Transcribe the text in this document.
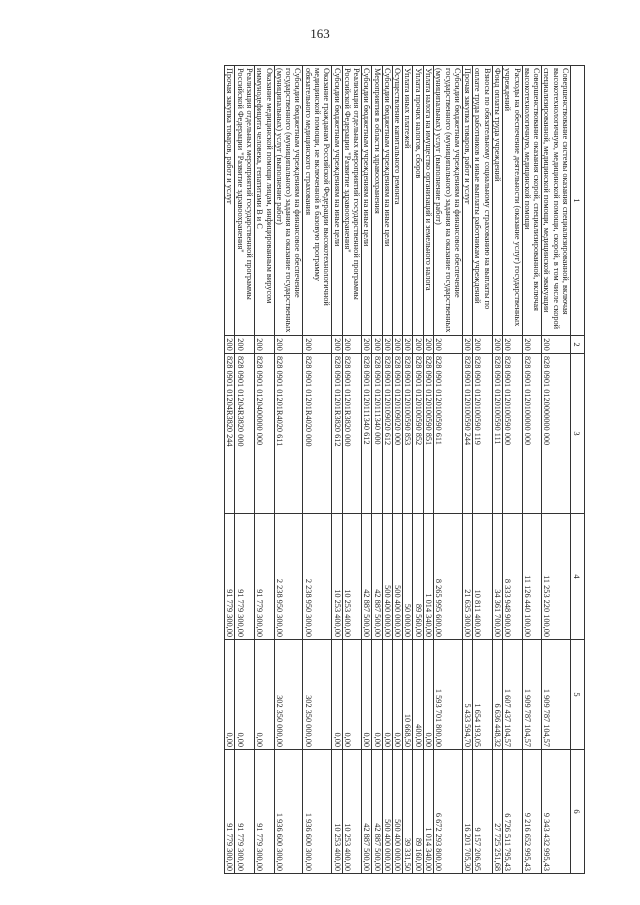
163
1	2	3	4	5	6
Совершенствование системы оказания специализированной, включая высокотехнологичную, медицинской помощи, скорой, в том числе скорой специализированной, медицинской помощи, медицинской эвакуации	200	828 0901 0120000000 000	11 253 220 100,00	1 909 787 104,57	9 343 432 995,43
Совершенствование оказания скорой, специализированной, включая высокотехнологичную, медицинской помощи	200	828 0901 0120100000 000	11 126 440 100,00	1 909 787 104,57	9 216 652 995,43
Расходы на обеспечение деятельности (оказание услуг) государственных учреждений	200	828 0901 0120100590 000	8 333 948 900,00	1 607 437 104,57	6 726 511 795,43
Фонд оплаты труда учреждений	200	828 0901 0120100590 111	34 361 700,00	6 636 448,32	27 725 251,68
Взносы по обязательному социальному страхованию на выплаты по оплате труда работников и иные выплаты работникам учреждений	200	828 0901 0120100590 119	10 811 400,00	1 654 193,05	9 157 206,95
Прочая закупка товаров, работ и услуг	200	828 0901 0120100590 244	21 635 300,00	5 433 594,70	16 201 705,30
Субсидии бюджетным учреждениям на финансовое обеспечение государственного (муниципального) задания на оказание государственных (муниципальных) услуг (выполнение работ)	200	828 0901 0120100590 611	8 265 995 600,00	1 593 701 800,00	6 672 293 800,00
Уплата налога на имущество организаций и земельного налога	200	828 0901 0120100590 851	1 014 340,00	0,00	1 014 340,00
Уплата прочих налогов, сборов	200	828 0901 0120100590 852	89 560,00	400,00	89 160,00
Уплата иных платежей	200	828 0901 0120100590 853	50 000,00	10 668,50	39 331,50
Осуществление капитального ремонта	200	828 0901 0120109020 000	500 400 000,00	0,00	500 400 000,00
Субсидии бюджетным учреждениям на иные цели	200	828 0901 0120109020 612	500 400 000,00	0,00	500 400 000,00
Мероприятия в области здравоохранения	200	828 0901 0120111340 000	42 887 500,00	0,00	42 887 500,00
Субсидии бюджетным учреждениям на иные цели	200	828 0901 0120111340 612	42 887 500,00	0,00	42 887 500,00
Реализация отдельных мероприятий государственной программы Российской Федерации "Развитие здравоохранения"	200	828 0901 01201R3820 000	10 253 400,00	0,00	10 253 400,00
Субсидии бюджетным учреждениям на иные цели	200	828 0901 01201R3820 612	10 253 400,00	0,00	10 253 400,00
Оказание гражданам Российской Федерации высокотехнологичной медицинской помощи, не включенной в базовую программу обязательного медицинского страхования	200	828 0901 01201R4020 000	2 238 950 300,00	302 350 000,00	1 936 600 300,00
Субсидии бюджетным учреждениям на финансовое обеспечение государственного (муниципального) задания на оказание государственных (муниципальных) услуг (выполнение работ)	200	828 0901 01201R4020 611	2 238 950 300,00	302 350 000,00	1 936 600 300,00
Оказание медицинской помощи лицам, инфицированным вирусом иммунодефицита человека, гепатитами В и С	200	828 0901 0120400000 000	91 779 300,00	0,00	91 779 300,00
Реализация отдельных мероприятий государственной программы Российской Федерации "Развитие здравоохранения"	200	828 0901 01204R3820 000	91 779 300,00	0,00	91 779 300,00
Прочая закупка товаров, работ и услуг	200	828 0901 01204R3820 244	91 779 300,00	0,00	91 779 300,00
